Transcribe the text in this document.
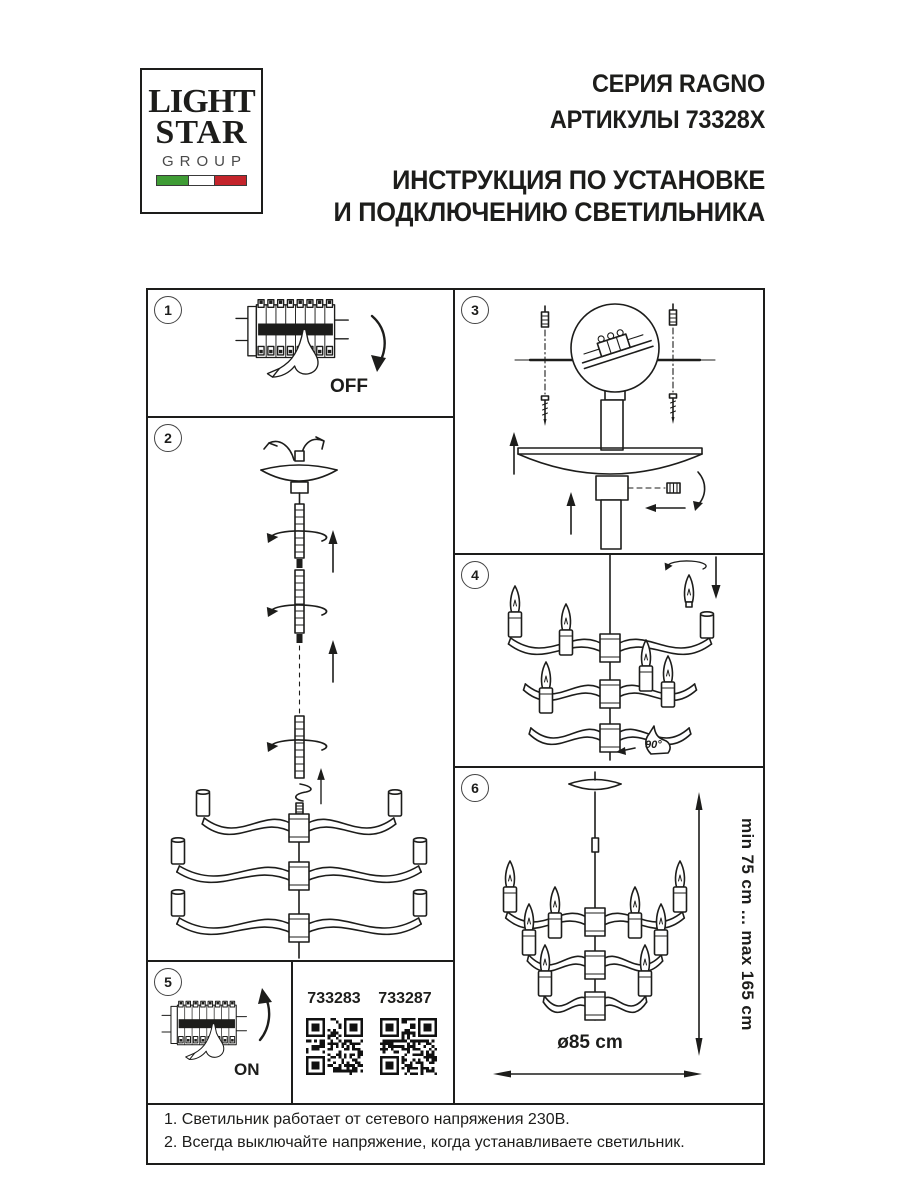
LIGHT
STAR
GROUP
СЕРИЯ RAGNO
АРТИКУЛЫ 73328X
ИНСТРУКЦИЯ ПО УСТАНОВКЕ
И ПОДКЛЮЧЕНИЮ СВЕТИЛЬНИКА
1
OFF
2
3
4
90°
6
min 75 cm ... max 165 cm
ø85 cm
5
ON
733283 733287
1. Светильник работает от сетевого напряжения 230В.
2. Всегда выключайте напряжение, когда устанавливаете светильник.
